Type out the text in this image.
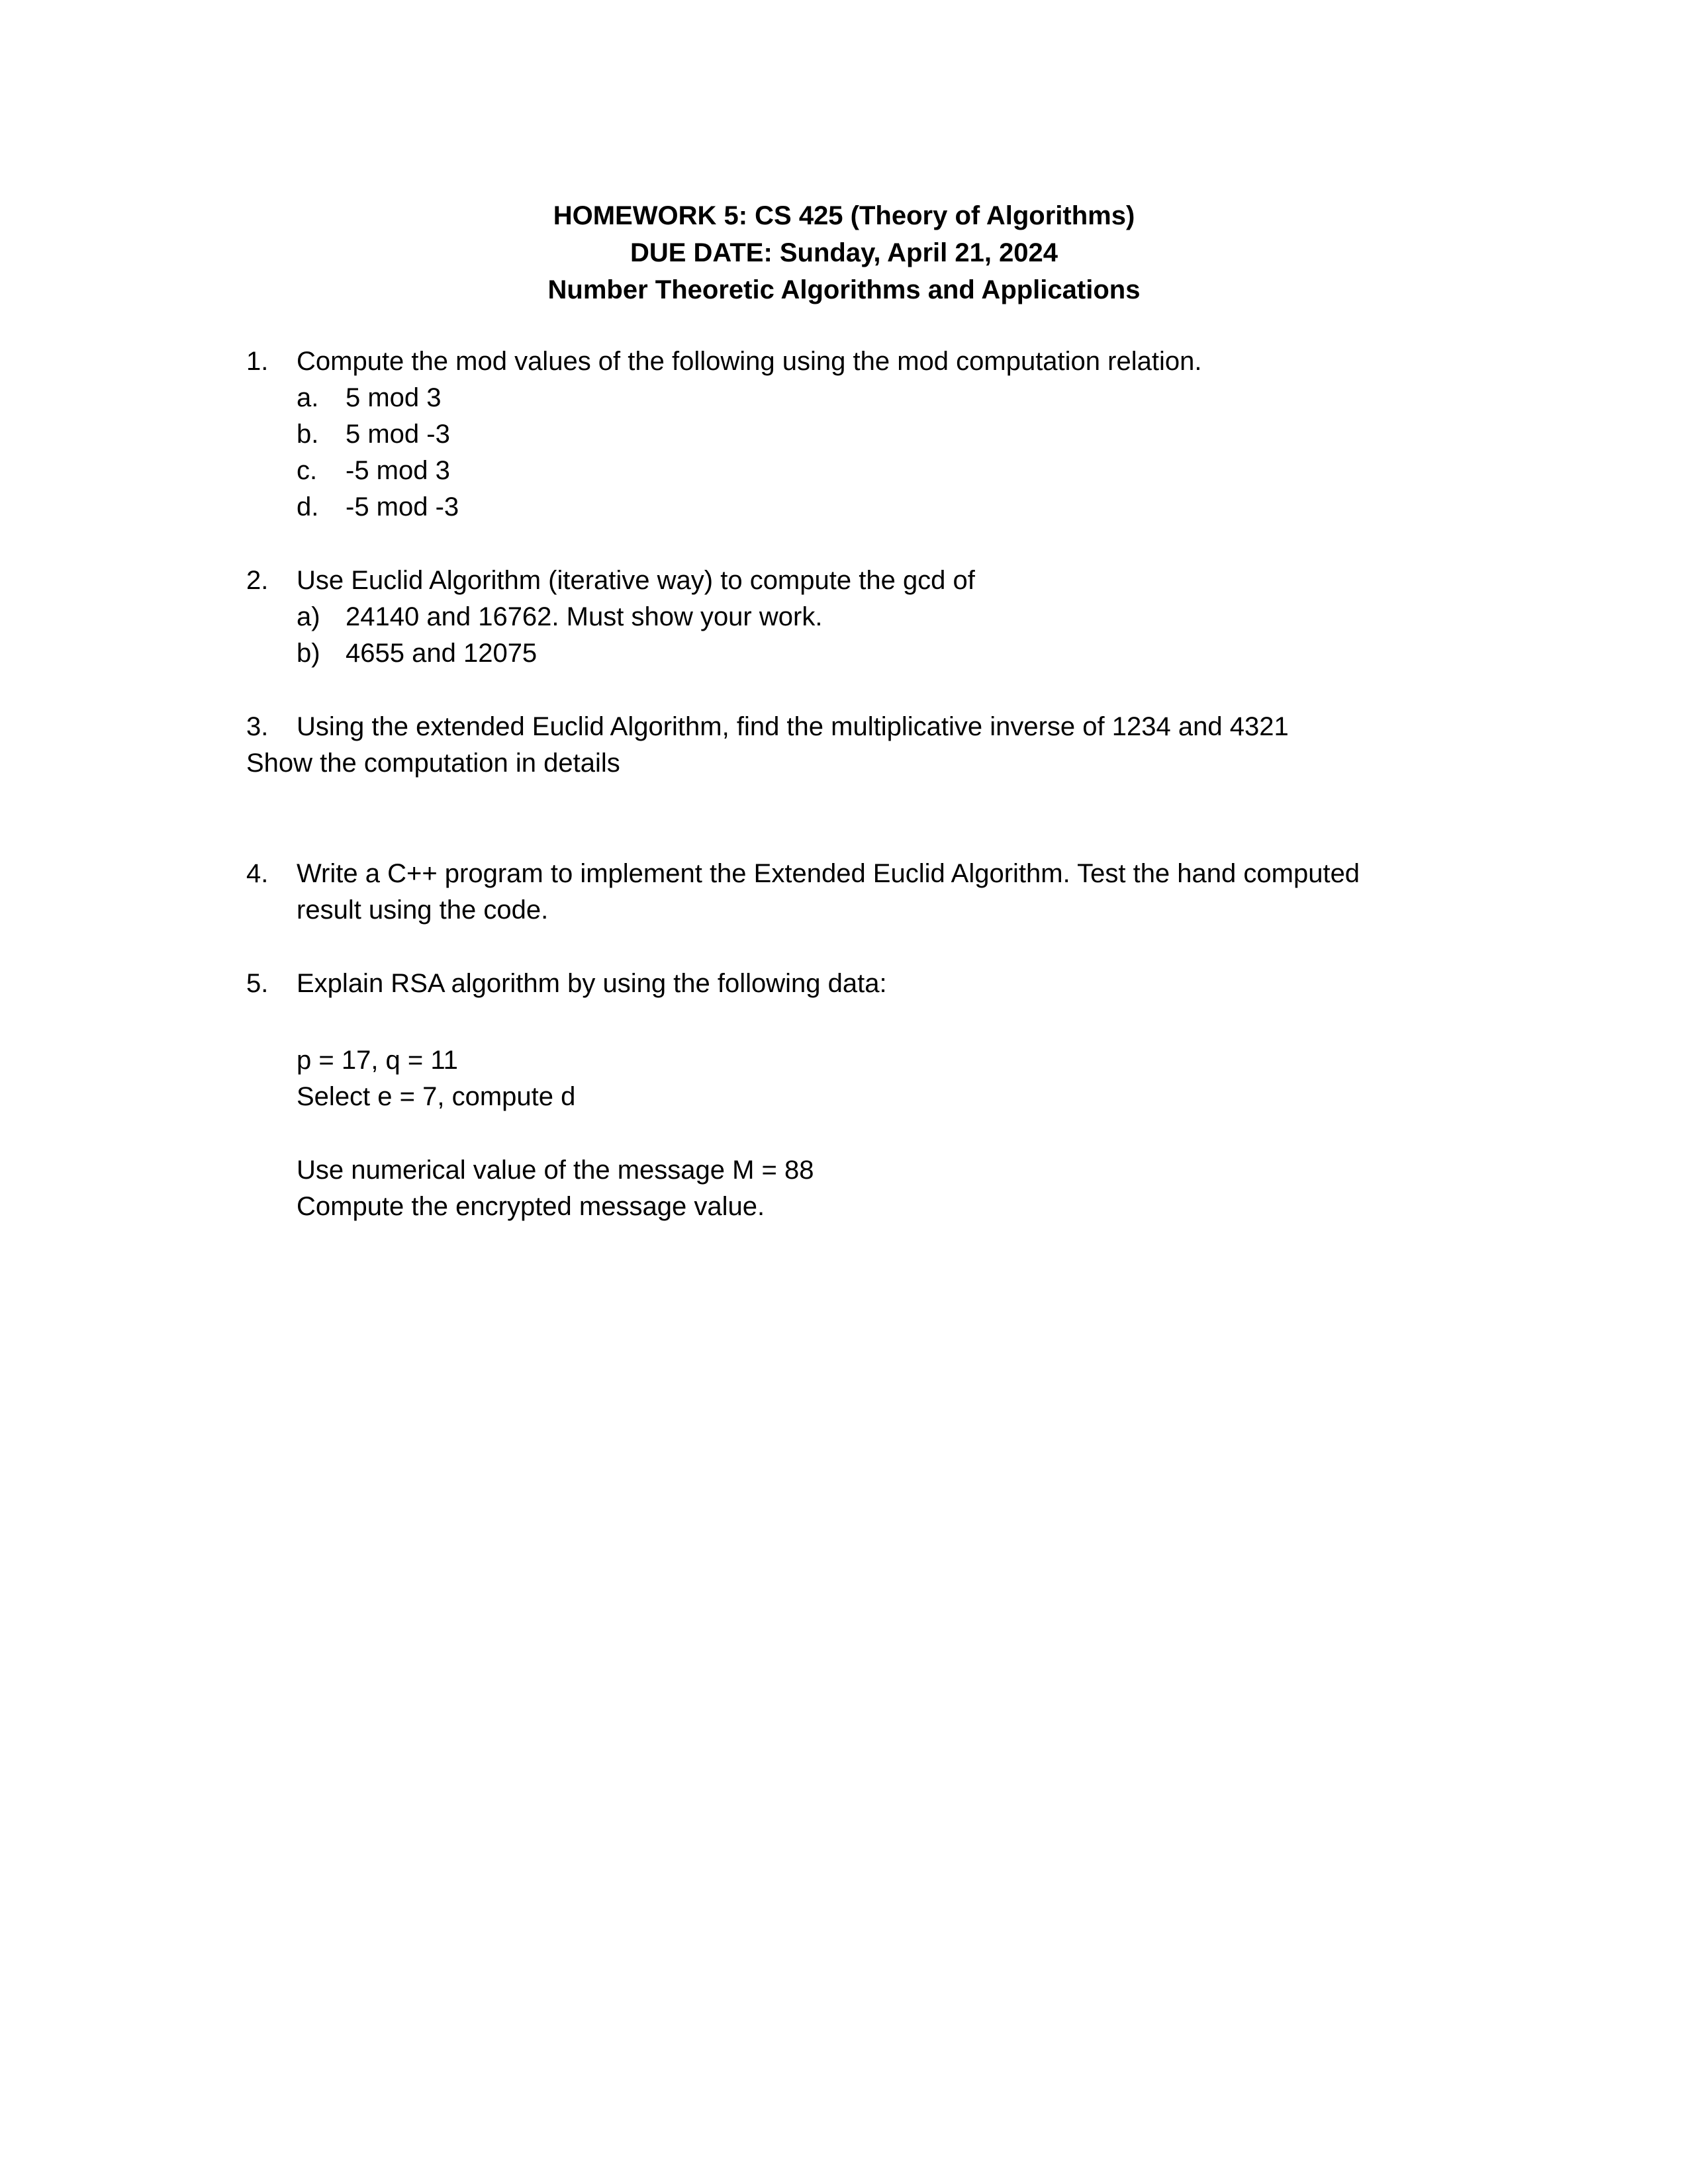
HOMEWORK 5: CS 425 (Theory of Algorithms)
DUE DATE: Sunday, April 21, 2024
Number Theoretic Algorithms and Applications
1. Compute the mod values of the following using the mod computation relation.
a. 5 mod 3
b. 5 mod -3
c. -5 mod 3
d. -5 mod -3
2. Use Euclid Algorithm (iterative way) to compute the gcd of
a) 24140 and 16762. Must show your work.
b) 4655 and 12075
3. Using the extended Euclid Algorithm, find the multiplicative inverse of 1234 and 4321
Show the computation in details
4. Write a C++ program to implement the Extended Euclid Algorithm. Test the hand computed
result using the code.
5. Explain RSA algorithm by using the following data:
p = 17, q = 11
Select e = 7, compute d
Use numerical value of the message M = 88
Compute the encrypted message value.
